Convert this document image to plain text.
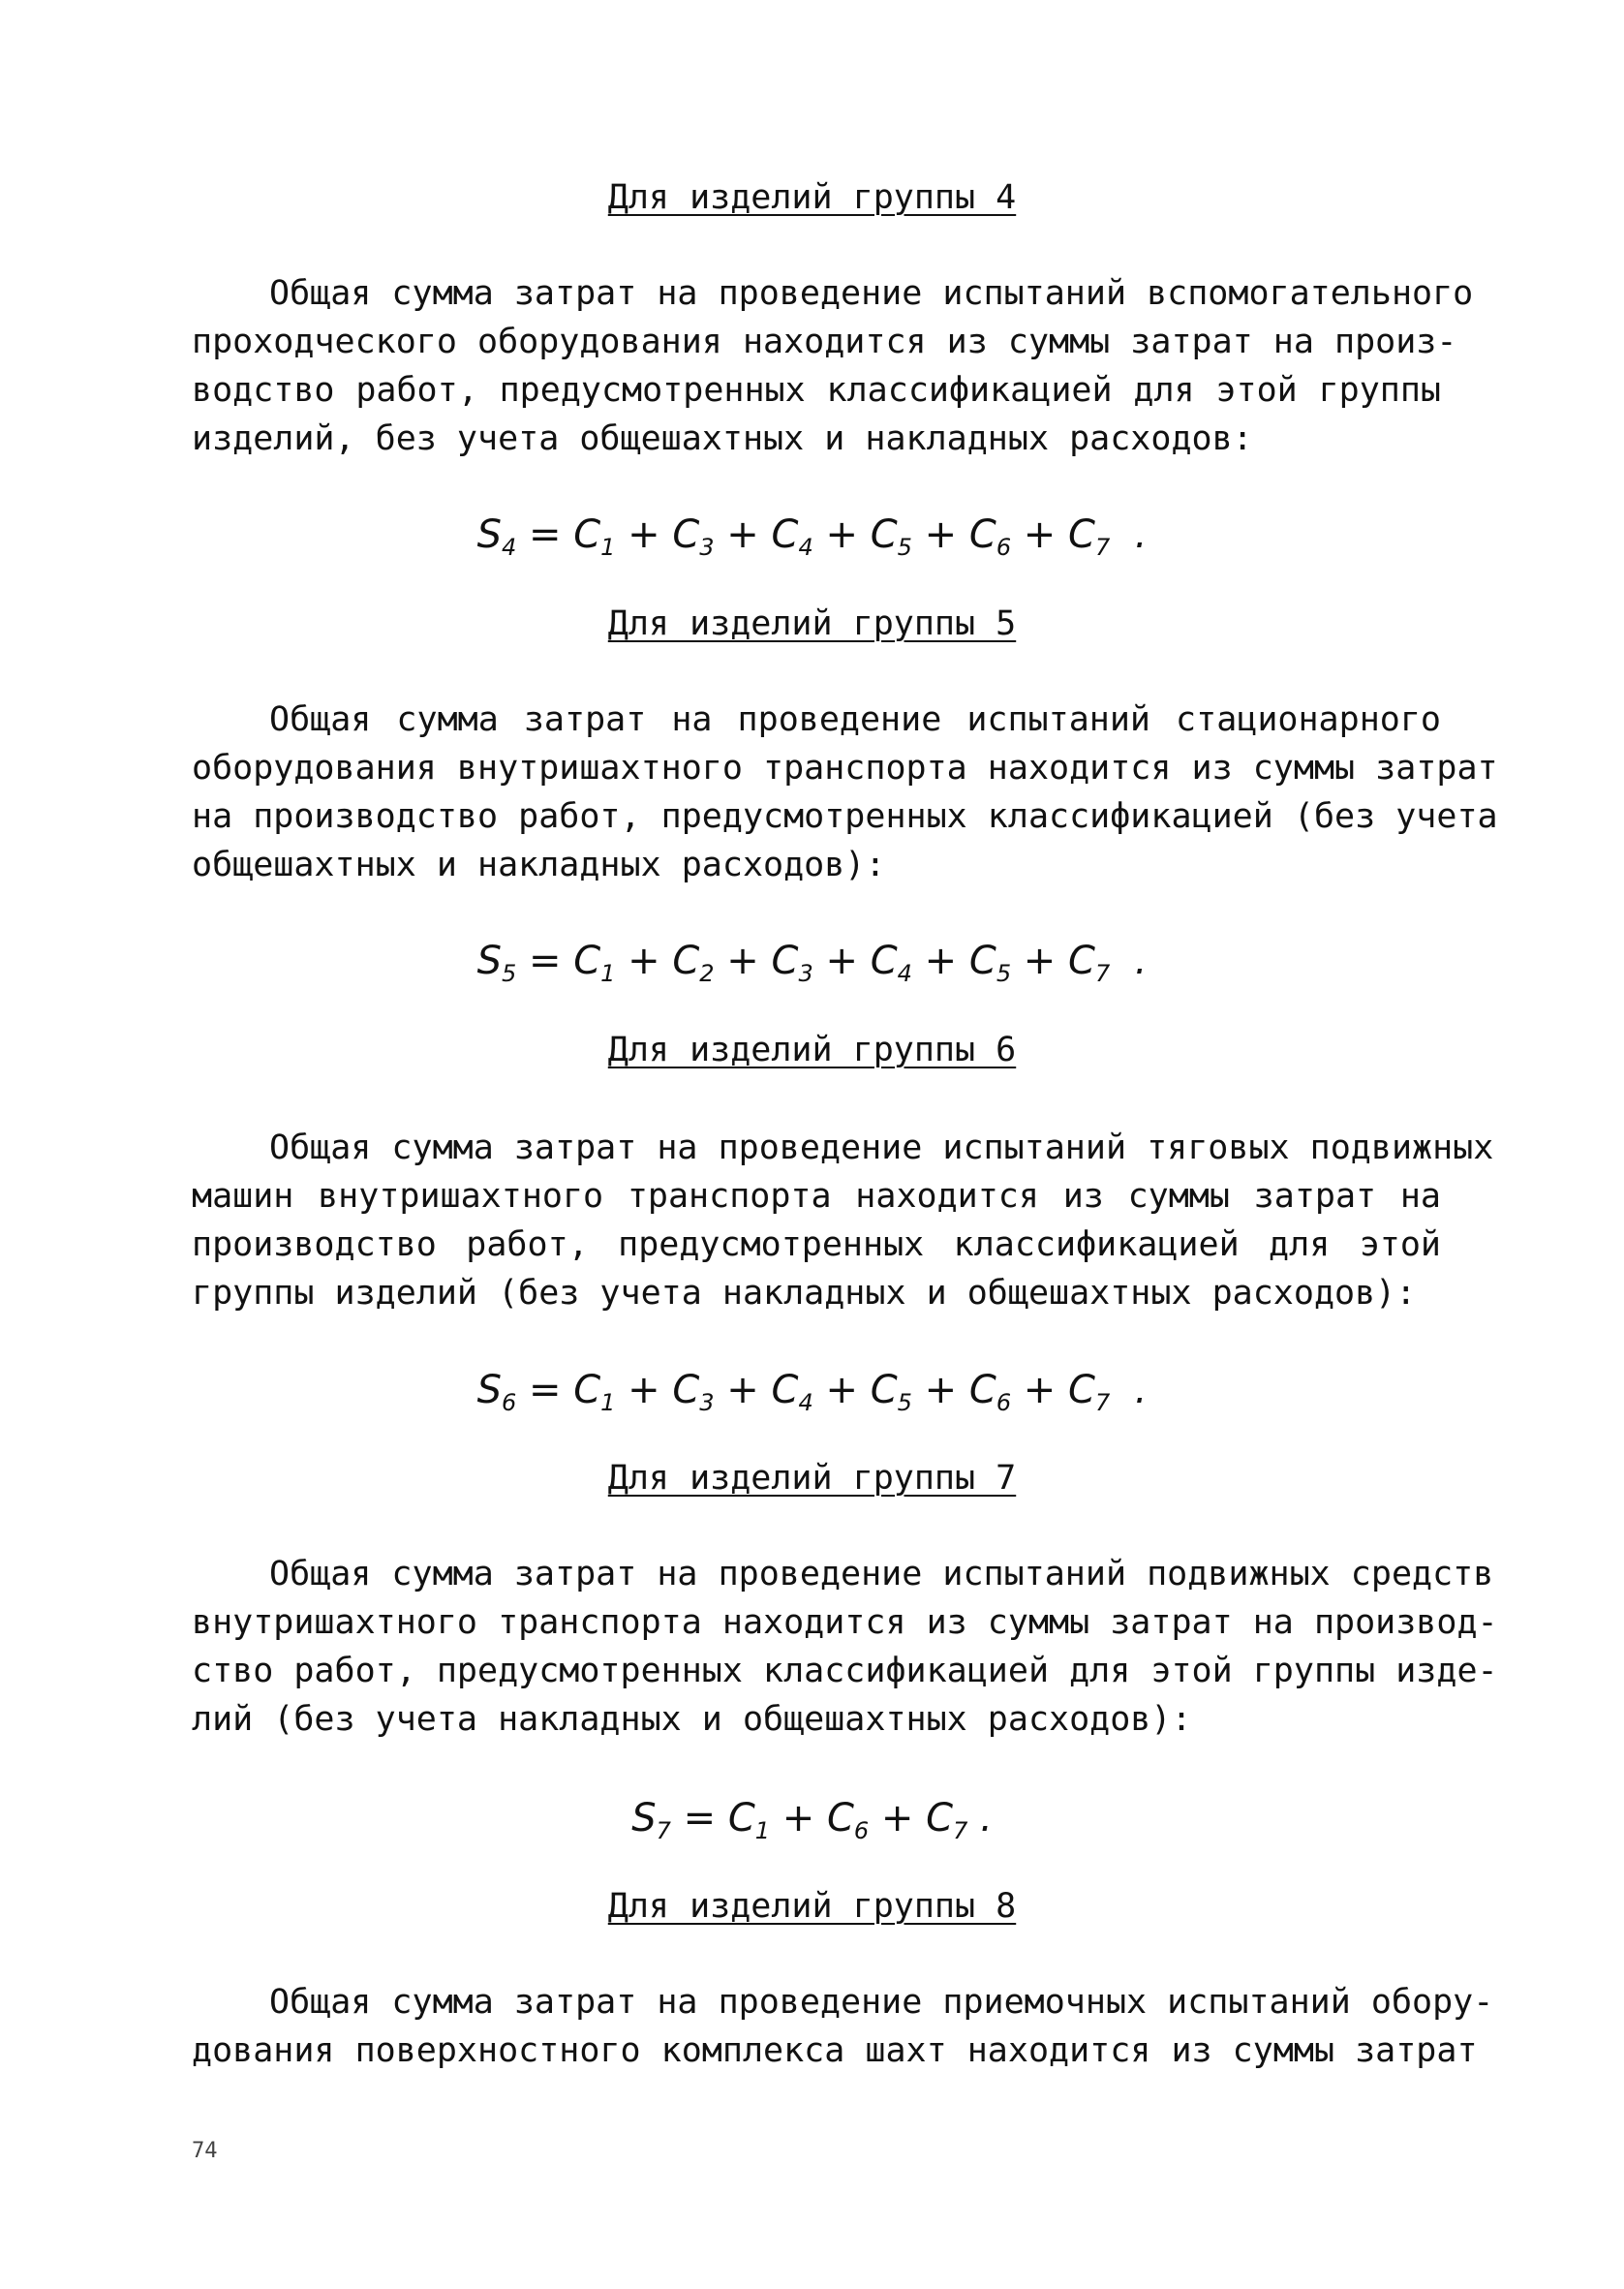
Для изделий группы 4
Общая сумма затрат на проведение испытаний вспомогательного
проходческого оборудования находится из суммы затрат на произ-
водство работ, предусмотренных классификацией для этой группы
изделий, без учета общешахтных и накладных расходов:
$S_4 = C_1 + C_3 + C_4 + C_5 + C_6 + C_7$  .
Для изделий группы 5
Общая сумма затрат на проведение испытаний стационарного
оборудования внутришахтного транспорта находится из суммы затрат
на производство работ, предусмотренных классификацией (без учета
общешахтных и накладных расходов):
$S_5 = C_1 + C_2 + C_3 + C_4 + C_5 + C_7$  .
Для изделий группы 6
Общая сумма затрат на проведение испытаний тяговых подвижных
машин внутришахтного транспорта находится из суммы затрат на
производство работ, предусмотренных классификацией для этой
группы изделий (без учета накладных и общешахтных расходов):
$S_6 = C_1 + C_3 + C_4 + C_5 + C_6 + C_7$  .
Для изделий группы 7
Общая сумма затрат на проведение испытаний подвижных средств
внутришахтного транспорта находится из суммы затрат на производ-
ство работ, предусмотренных классификацией для этой группы изде-
лий (без учета накладных и общешахтных расходов):
$S_7 = C_1 + C_6 + C_7$ .
Для изделий группы 8
Общая сумма затрат на проведение приемочных испытаний обору-
дования поверхностного комплекса шахт находится из суммы затрат
74
